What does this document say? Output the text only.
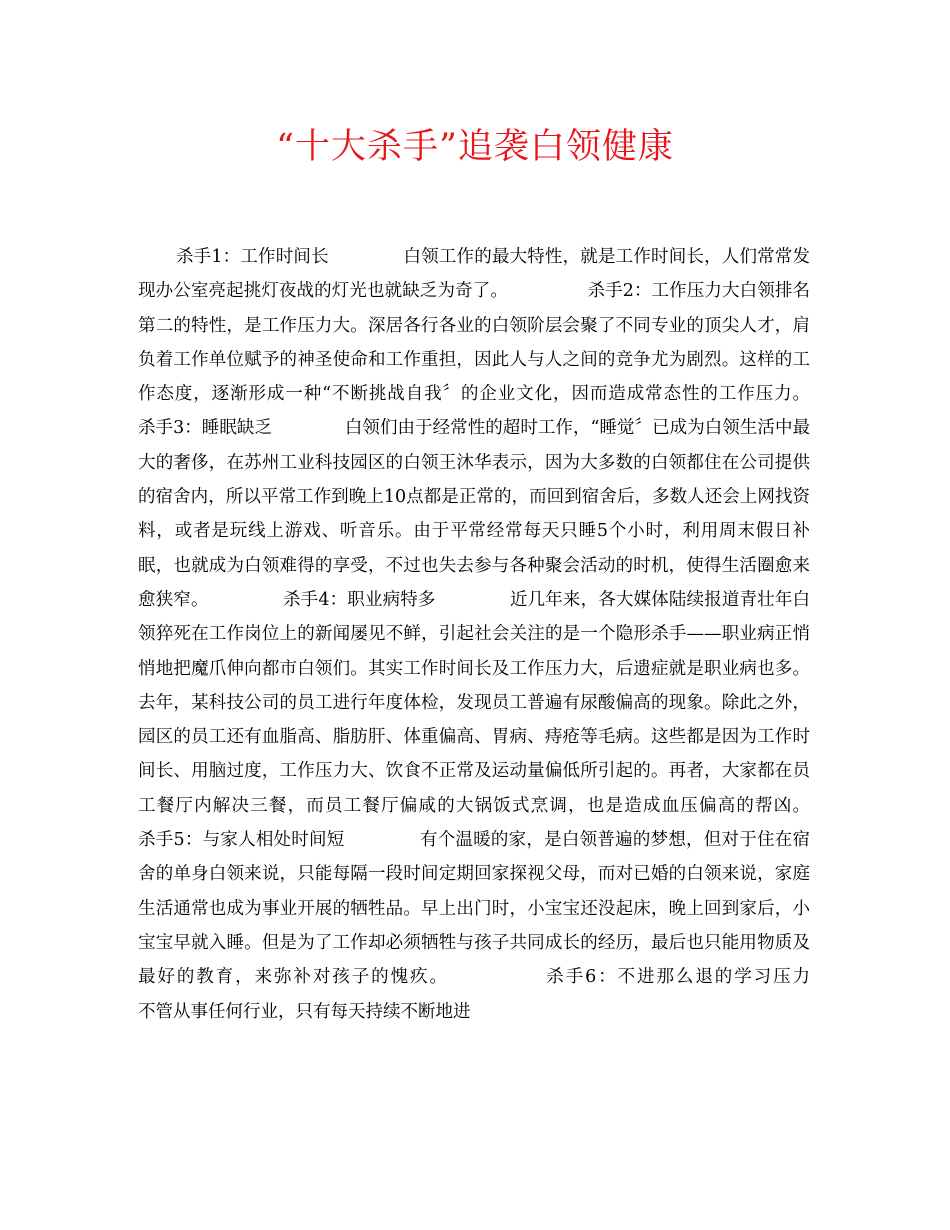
“十大杀手”追袭白领健康

杀手1：工作时间长             白领工作的最大特性，就是工作时间长，人们常常发现办公室亮起挑灯夜战的灯光也就缺乏为奇了。              杀手2：工作压力大白领排名第二的特性，是工作压力大。深居各行各业的白领阶层会聚了不同专业的顶尖人才，肩负着工作单位赋予的神圣使命和工作重担，因此人与人之间的竞争尤为剧烈。这样的工作态度，逐渐形成一种“不断挑战自我〞的企业文化，因而造成常态性的工作压力。             杀手3：睡眠缺乏             白领们由于经常性的超时工作，“睡觉〞已成为白领生活中最大的奢侈，在苏州工业科技园区的白领王沐华表示，因为大多数的白领都住在公司提供的宿舍内，所以平常工作到晚上10点都是正常的，而回到宿舍后，多数人还会上网找资料，或者是玩线上游戏、听音乐。由于平常经常每天只睡5个小时，利用周末假日补眠，也就成为白领难得的享受，不过也失去参与各种聚会活动的时机，使得生活圈愈来愈狭窄。             杀手4：职业病特多             近几年来，各大媒体陆续报道青壮年白领猝死在工作岗位上的新闻屡见不鲜，引起社会关注的是一个隐形杀手——职业病正悄悄地把魔爪伸向都市白领们。其实工作时间长及工作压力大，后遗症就是职业病也多。去年，某科技公司的员工进行年度体检，发现员工普遍有尿酸偏高的现象。除此之外，园区的员工还有血脂高、脂肪肝、体重偏高、胃病、痔疮等毛病。这些都是因为工作时间长、用脑过度，工作压力大、饮食不正常及运动量偏低所引起的。再者，大家都在员工餐厅内解决三餐，而员工餐厅偏咸的大锅饭式烹调，也是造成血压偏高的帮凶。             杀手5：与家人相处时间短             有个温暖的家，是白领普遍的梦想，但对于住在宿舍的单身白领来说，只能每隔一段时间定期回家探视父母，而对已婚的白领来说，家庭生活通常也成为事业开展的牺牲品。早上出门时，小宝宝还没起床，晚上回到家后，小宝宝早就入睡。但是为了工作却必须牺牲与孩子共同成长的经历，最后也只能用物质及最好的教育，来弥补对孩子的愧疚。             杀手6：不进那么退的学习压力             不管从事任何行业，只有每天持续不断地进
